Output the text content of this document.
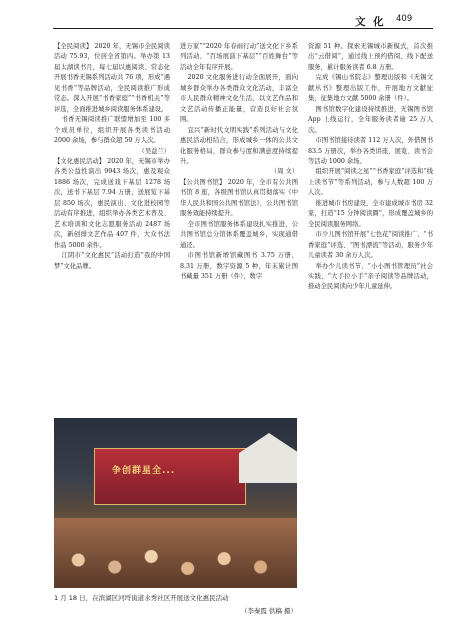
文 化 409

【全民阅读】 2020 年，无锡市全民阅读活动 75.93，位居全省第四。举办第 13 届太湖读书月，每七届以惠阅读、常态化开展书香无锡系列活动共 76 项，形成“遇见书香”等品牌活动，全民阅读推广形成常态。深入开展“书香家庭”“书香机关”等评选，全面推进城乡阅读服务体系建设。

书香无锡阅读推广联盟增加至 100 多个成员单位，组织开展各类读书活动 2000 余场，参与群众超 50 万人次。

（吴益兰）

【文化惠民活动】 2020 年，无锡市举办各类公益性演出 9943 场次，惠及观众 1886 场次，完成送戏下基层 1278 场次，送书下基层 7.94 万册，送展览下基层 850 场次，惠民演出、文化进校园等活动有序推进，组织举办各类艺术普及、艺术培训和文化志愿服务活动 2487 场次，新创排文艺作品 407 件，大众书法作品 5000 余件。

江阴市“文化惠民”活动打造“我的中国梦”文化品牌。

进万家”“2020 年春雨行动”送文化下乡系列活动、“百场展演下基层”“百姓舞台”等活动全年有序开展。

2020 文化服务进行动全面展开，面向城乡群众举办各类群众文化活动，丰富全市人民群众精神文化生活，以文艺作品和文艺活动传播正能量，营造良好社会氛围。

宜兴“新时代文明实践”系列活动与文化惠民活动相结合，形成城乡一体的公共文化服务格局，群众参与度和满意度持续提升。

（周 文）

【公共图书馆】 2020 年，全市有公共图书馆 8 座，各级图书馆认真贯彻落实《中华人民共和国公共图书馆法》，公共图书馆服务效能持续提升。

全市图书馆服务体系建设扎实推进，公共图书馆总分馆体系覆盖城乡，实现通借通还。

市图书馆新增馆藏图书 3.75 万册，8.31 万册，数字资源 5 种，年末累计图书藏量 351 万册（件），数字

资源 51 种。探索无锡城市新模式，首次推出“云借阅”，通过线上预约借阅、线下配送服务，累计服务读者 6.8 万册。

完成《锡山书院志》整理出版和《无锡文献丛书》整理出版工作，开展地方文献征集，征集地方文献 5000 余册（件）。

图书馆数字化建设持续推进，无锡图书馆 App 上线运行，全年服务读者逾 25 万人次。

市图书馆接待读者 112 万人次，外借图书 83.5 万册次，举办各类讲座、展览、读书会等活动 1000 余场。

组织开展“阅读之星”“书香家庭”评选和“线上读书节”等系列活动，参与人数超 100 万人次。

推进城市书房建设，全市建成城市书房 32 家，打造“15 分钟阅读圈”，形成覆盖城乡的全民阅读服务网络。

市少儿图书馆开展“七色花”阅读推广、“书香家庭”评选、“图书漂流”等活动，服务少年儿童读者 30 余万人次。

举办少儿读书节、“小小图书管理员”社会实践、“大手拉小手”亲子阅读等品牌活动，推动全民阅读向少年儿童延伸。

争创群星全...
1 月 18 日，在滨湖区河埒街道水秀社区开展送文化惠民活动
（李秦霞 供稿 摄）
